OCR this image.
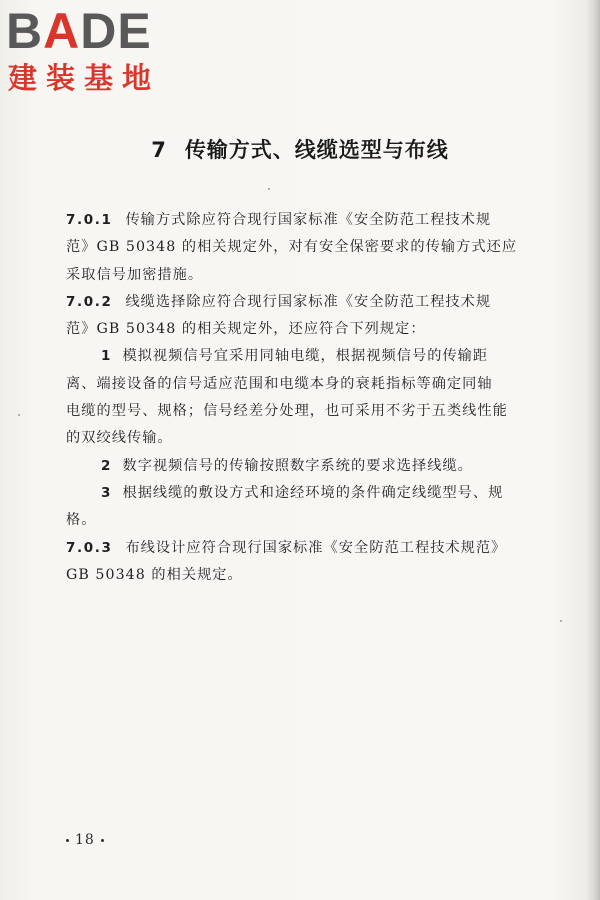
BADE
建装基地
7 传输方式、线缆选型与布线
7.0.1 传输方式除应符合现行国家标准《安全防范工程技术规
范》GB 50348 的相关规定外，对有安全保密要求的传输方式还应
采取信号加密措施。
7.0.2 线缆选择除应符合现行国家标准《安全防范工程技术规
范》GB 50348 的相关规定外，还应符合下列规定：
1 模拟视频信号宜采用同轴电缆，根据视频信号的传输距
离、端接设备的信号适应范围和电缆本身的衰耗指标等确定同轴
电缆的型号、规格；信号经差分处理，也可采用不劣于五类线性能
的双绞线传输。
2 数字视频信号的传输按照数字系统的要求选择线缆。
3 根据线缆的敷设方式和途经环境的条件确定线缆型号、规
格。
7.0.3 布线设计应符合现行国家标准《安全防范工程技术规范》
GB 50348 的相关规定。
18
